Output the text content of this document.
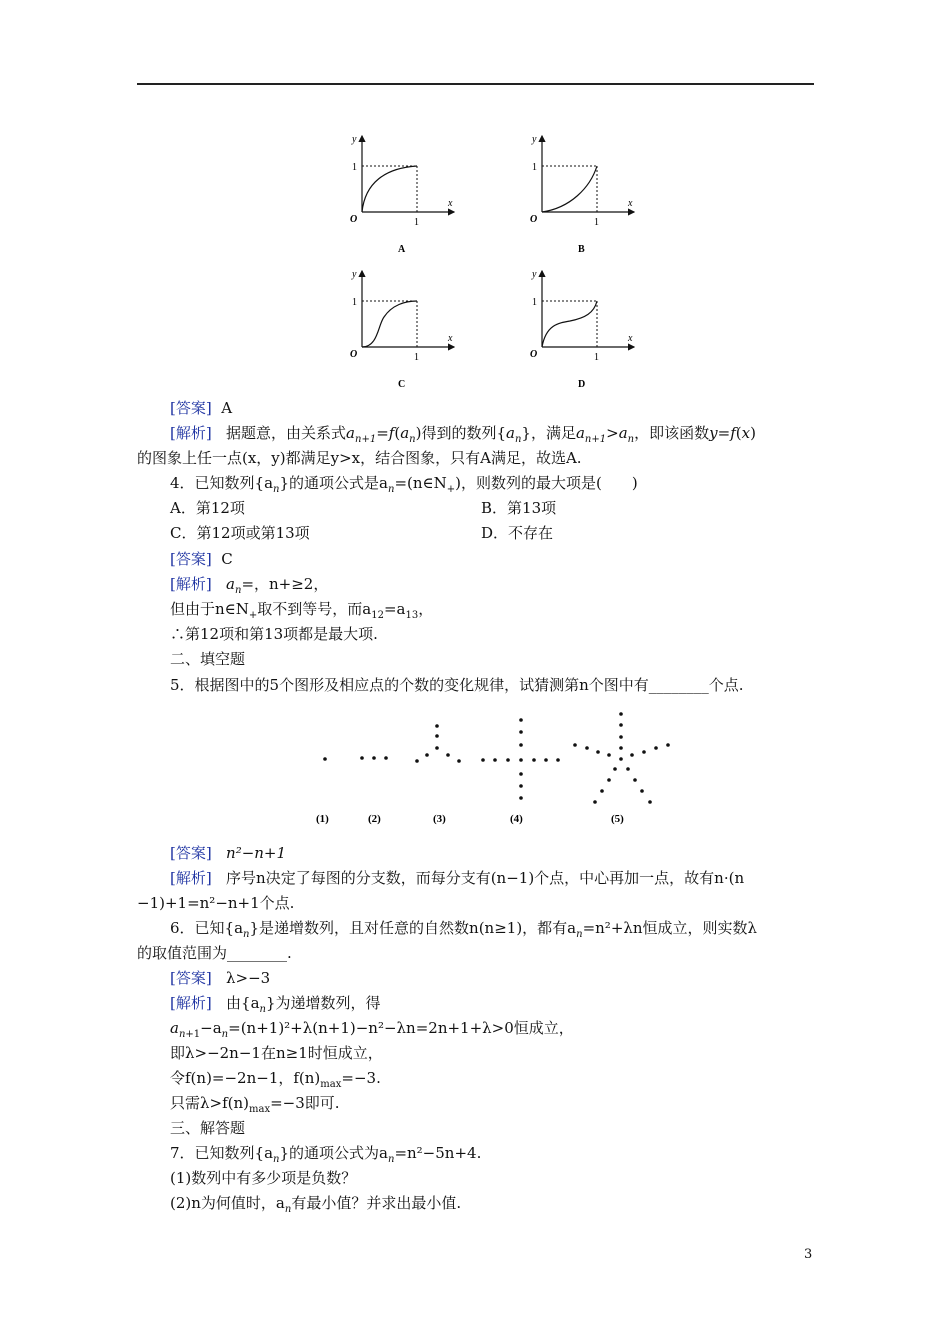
y
x
O
1
1
A
y
x
O
1
1
B
y
x
O
1
1
C
y
x
O
1
1
D
[答案] A
[解析] 据题意，由关系式$a_{n+1}=f(a_n)$得到的数列$\{a_n\}$，满足$a_{n+1}>a_n$，即该函数y=f(x)
的图象上任一点(x，y)都满足y>x，结合图象，只有A满足，故选A.
4．已知数列$\{a_n\}$的通项公式是$a_n=(n\in N_+)$，则数列的最大项是(　　)
A．第12项	B．第13项
C．第12项或第13项	D．不存在
[答案] C
[解析] $a_n=$，n+≥2，
但由于$n\in N_+$取不到等号，而$a_{12}=a_{13}$，
∴第12项和第13项都是最大项.
二、填空题
5．根据图中的5个图形及相应点的个数的变化规律，试猜测第n个图中有________个点.
(1)	(2)	(3)	(4)	(5)
[答案] n²−n+1
[解析] 序号n决定了每图的分支数，而每分支有(n−1)个点，中心再加一点，故有n·(n
−1)+1=n²−n+1个点.
6．已知$\{a_n\}$是递增数列，且对任意的自然数n(n≥1)，都有$a_n=n^2+\lambda n$恒成立，则实数λ
的取值范围为________.
[答案] λ>−3
[解析] 由$\{a_n\}$为递增数列，得
$a_{n+1}-a_n=(n+1)^2+\lambda(n+1)-n^2-\lambda n=2n+1+\lambda>0$恒成立，
即λ>−2n−1在n≥1时恒成立，
令f(n)=−2n−1，$f(n)_{max}=-3$.
只需$\lambda>f(n)_{max}=-3$即可.
三、解答题
7．已知数列$\{a_n\}$的通项公式为$a_n=n^2-5n+4$.
(1)数列中有多少项是负数？
(2)n为何值时，$a_n$有最小值？并求出最小值.
3
